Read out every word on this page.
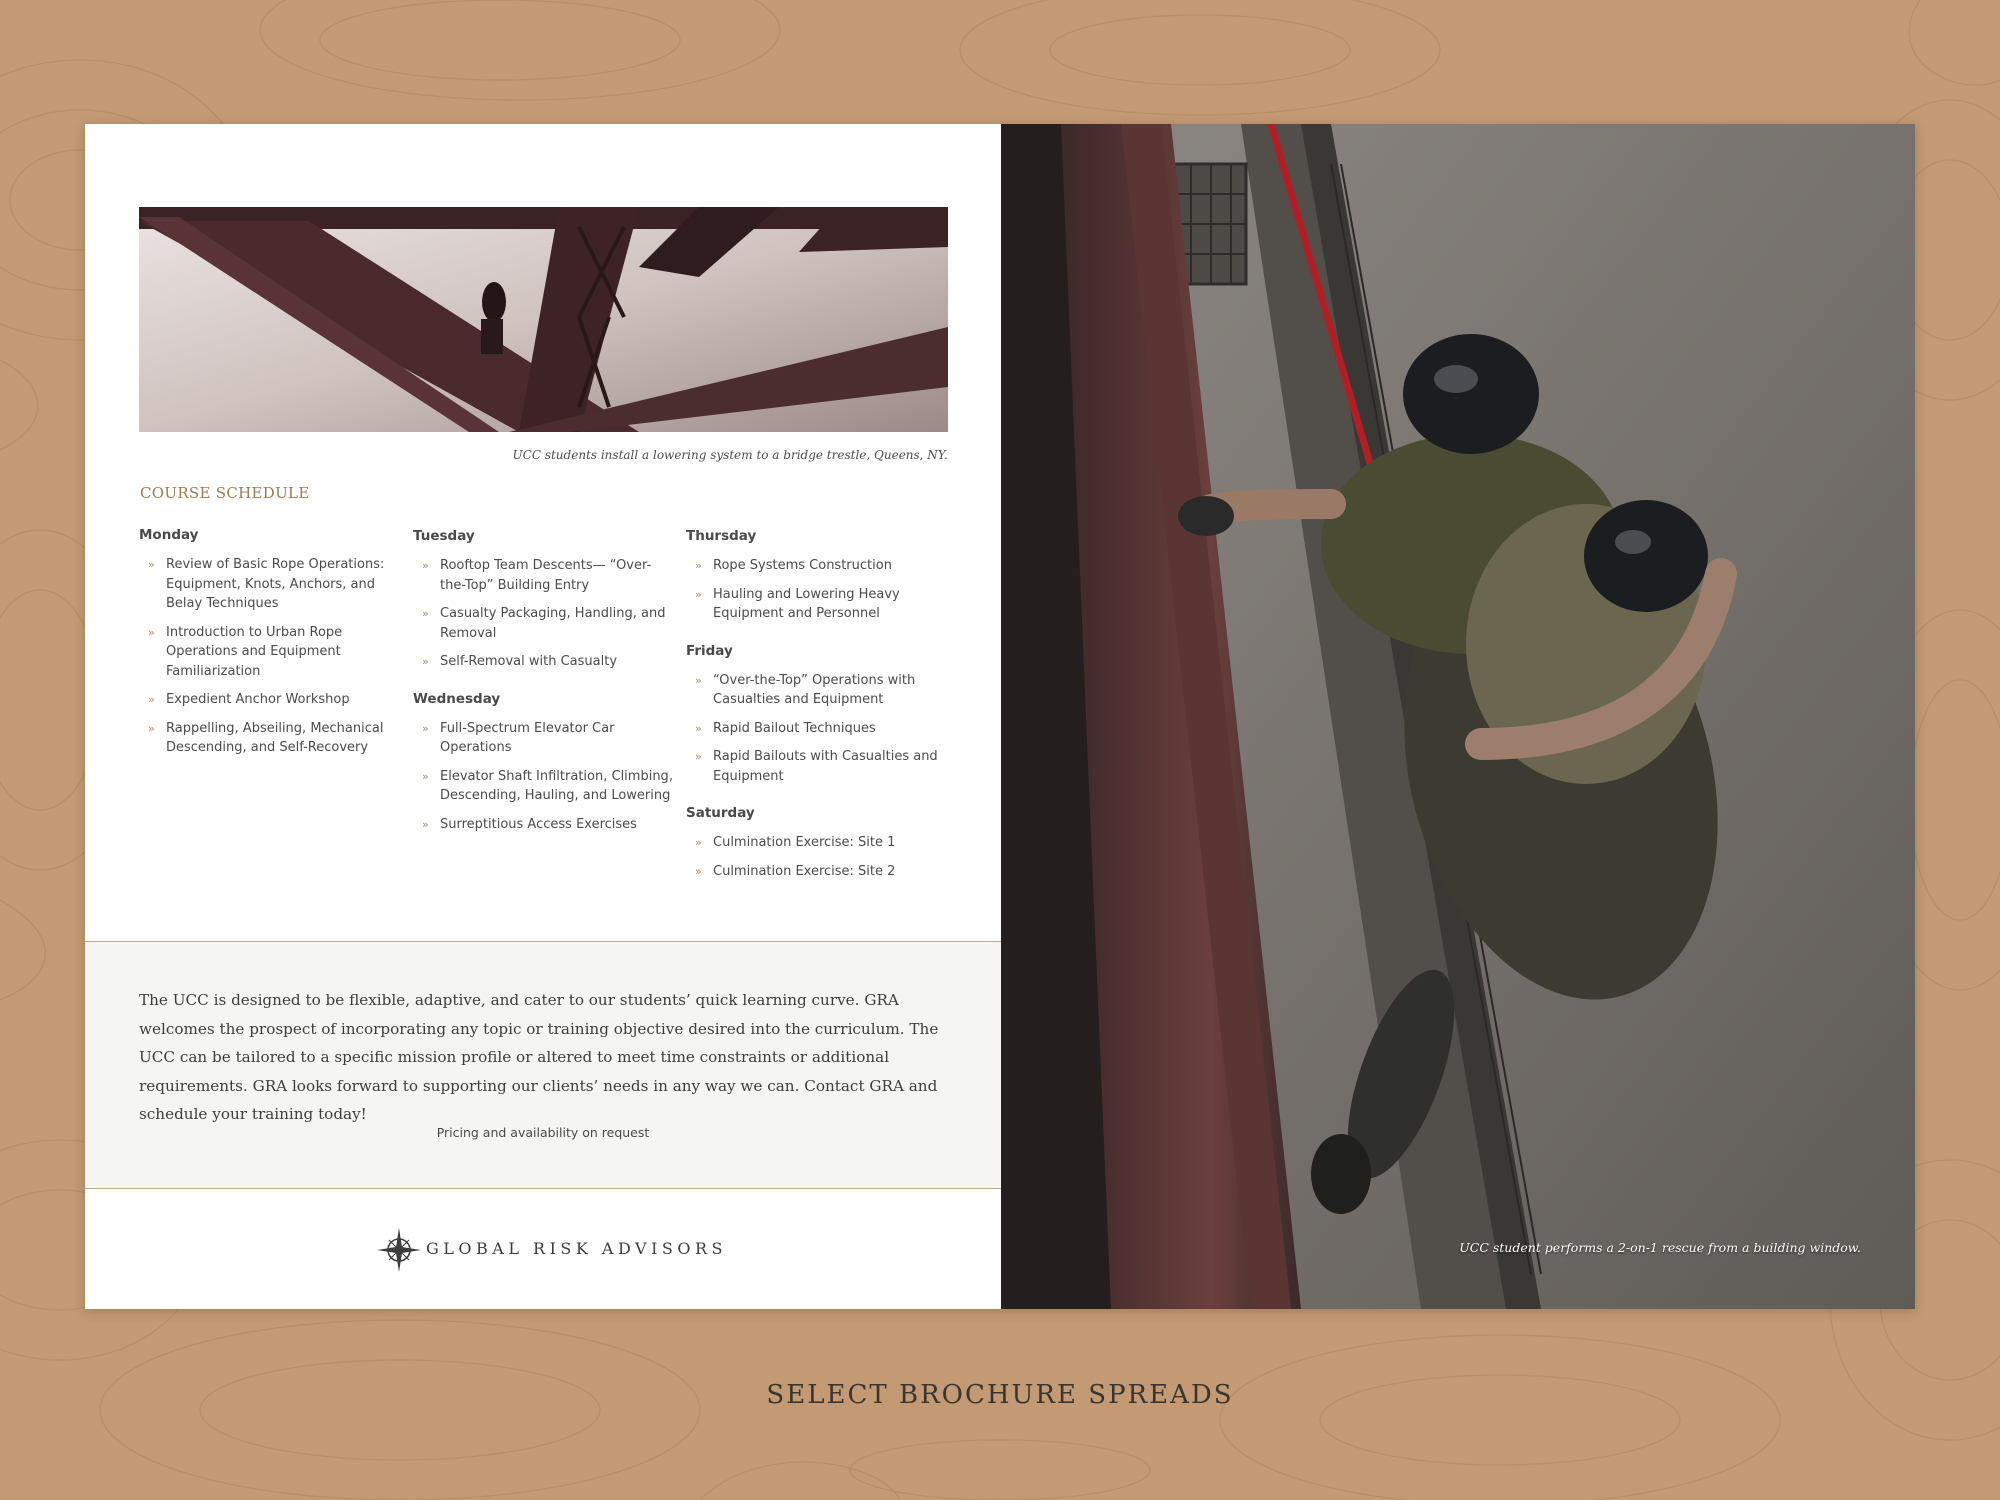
UCC students install a lowering system to a bridge trestle, Queens, NY.
COURSE SCHEDULE
Monday
» Review of Basic Rope Operations: Equipment, Knots, Anchors, and Belay Techniques
» Introduction to Urban Rope Operations and Equipment Familiarization
» Expedient Anchor Workshop
» Rappelling, Abseiling, Mechanical Descending, and Self-Recovery
Tuesday
» Rooftop Team Descents— “Over-the-Top” Building Entry
» Casualty Packaging, Handling, and Removal
» Self-Removal with Casualty
Wednesday
» Full-Spectrum Elevator Car Operations
» Elevator Shaft Infiltration, Climbing, Descending, Hauling, and Lowering
» Surreptitious Access Exercises
Thursday
» Rope Systems Construction
» Hauling and Lowering Heavy Equipment and Personnel
Friday
» “Over-the-Top” Operations with Casualties and Equipment
» Rapid Bailout Techniques
» Rapid Bailouts with Casualties and Equipment
Saturday
» Culmination Exercise: Site 1
» Culmination Exercise: Site 2

The UCC is designed to be flexible, adaptive, and cater to our students’ quick learning curve. GRA welcomes the prospect of incorporating any topic or training objective desired into the curriculum. The UCC can be tailored to a specific mission profile or altered to meet time constraints or additional requirements. GRA looks forward to supporting our clients’ needs in any way we can. Contact GRA and schedule your training today!

Pricing and availability on request
GLOBAL RISK ADVISORS	UCC student performs a 2-on-1 rescue from a building window.
SELECT BROCHURE SPREADS
